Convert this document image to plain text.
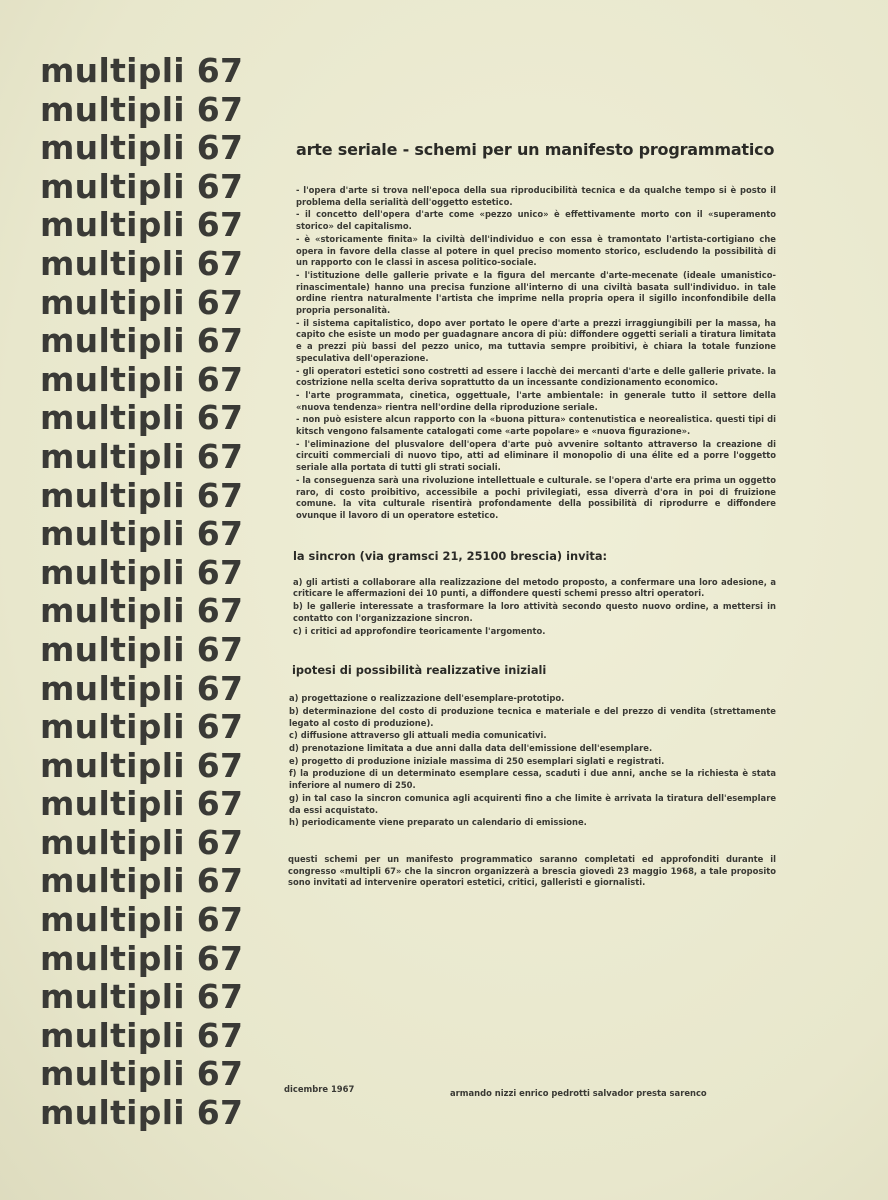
multipli 67
multipli 67
multipli 67
multipli 67
multipli 67
multipli 67
multipli 67
multipli 67
multipli 67
multipli 67
multipli 67
multipli 67
multipli 67
multipli 67
multipli 67
multipli 67
multipli 67
multipli 67
multipli 67
multipli 67
multipli 67
multipli 67
multipli 67
multipli 67
multipli 67
multipli 67
multipli 67
multipli 67
arte seriale - schemi per un manifesto programmatico

- l'opera d'arte si trova nell'epoca della sua riproducibilità tecnica e da qualche tempo si è posto il problema della serialità dell'oggetto estetico.

- il concetto dell'opera d'arte come «pezzo unico» è effettivamente morto con il «superamento storico» del capitalismo.

- è «storicamente finita» la civiltà dell'individuo e con essa è tramontato l'artista-cortigiano che opera in favore della classe al potere in quel preciso momento storico, escludendo la possibilità di un rapporto con le classi in ascesa politico-sociale.

- l'istituzione delle gallerie private e la figura del mercante d'arte-mecenate (ideale umanistico-rinascimentale) hanno una precisa funzione all'interno di una civiltà basata sull'individuo. in tale ordine rientra naturalmente l'artista che imprime nella propria opera il sigillo inconfondibile della propria personalità.

- il sistema capitalistico, dopo aver portato le opere d'arte a prezzi irraggiungibili per la massa, ha capito che esiste un modo per guadagnare ancora di più: diffondere oggetti seriali a tiratura limitata e a prezzi più bassi del pezzo unico, ma tuttavia sempre proibitivi, è chiara la totale funzione speculativa dell'operazione.

- gli operatori estetici sono costretti ad essere i lacchè dei mercanti d'arte e delle gallerie private. la costrizione nella scelta deriva soprattutto da un incessante condizionamento economico.

- l'arte programmata, cinetica, oggettuale, l'arte ambientale: in generale tutto il settore della «nuova tendenza» rientra nell'ordine della riproduzione seriale.

- non può esistere alcun rapporto con la «buona pittura» contenutistica e neorealistica. questi tipi di kitsch vengono falsamente catalogati come «arte popolare» e «nuova figurazione».

- l'eliminazione del plusvalore dell'opera d'arte può avvenire soltanto attraverso la creazione di circuiti commerciali di nuovo tipo, atti ad eliminare il monopolio di una élite ed a porre l'oggetto seriale alla portata di tutti gli strati sociali.

- la conseguenza sarà una rivoluzione intellettuale e culturale. se l'opera d'arte era prima un oggetto raro, di costo proibitivo, accessibile a pochi privilegiati, essa diverrà d'ora in poi di fruizione comune. la vita culturale risentirà profondamente della possibilità di riprodurre e diffondere ovunque il lavoro di un operatore estetico.

la sincron (via gramsci 21, 25100 brescia) invita:

a) gli artisti a collaborare alla realizzazione del metodo proposto, a confermare una loro adesione, a criticare le affermazioni dei 10 punti, a diffondere questi schemi presso altri operatori.

b) le gallerie interessate a trasformare la loro attività secondo questo nuovo ordine, a mettersi in contatto con l'organizzazione sincron.

c) i critici ad approfondire teoricamente l'argomento.

ipotesi di possibilità realizzative iniziali

a) progettazione o realizzazione dell'esemplare-prototipo.

b) determinazione del costo di produzione tecnica e materiale e del prezzo di vendita (strettamente legato al costo di produzione).

c) diffusione attraverso gli attuali media comunicativi.

d) prenotazione limitata a due anni dalla data dell'emissione dell'esemplare.

e) progetto di produzione iniziale massima di 250 esemplari siglati e registrati.

f) la produzione di un determinato esemplare cessa, scaduti i due anni, anche se la richiesta è stata inferiore al numero di 250.

g) in tal caso la sincron comunica agli acquirenti fino a che limite è arrivata la tiratura dell'esemplare da essi acquistato.

h) periodicamente viene preparato un calendario di emissione.

questi schemi per un manifesto programmatico saranno completati ed approfonditi durante il congresso «multipli 67» che la sincron organizzerà a brescia giovedì 23 maggio 1968, a tale proposito sono invitati ad intervenire operatori estetici, critici, galleristi e giornalisti.
dicembre 1967	armando nizzi enrico pedrotti salvador presta sarenco
